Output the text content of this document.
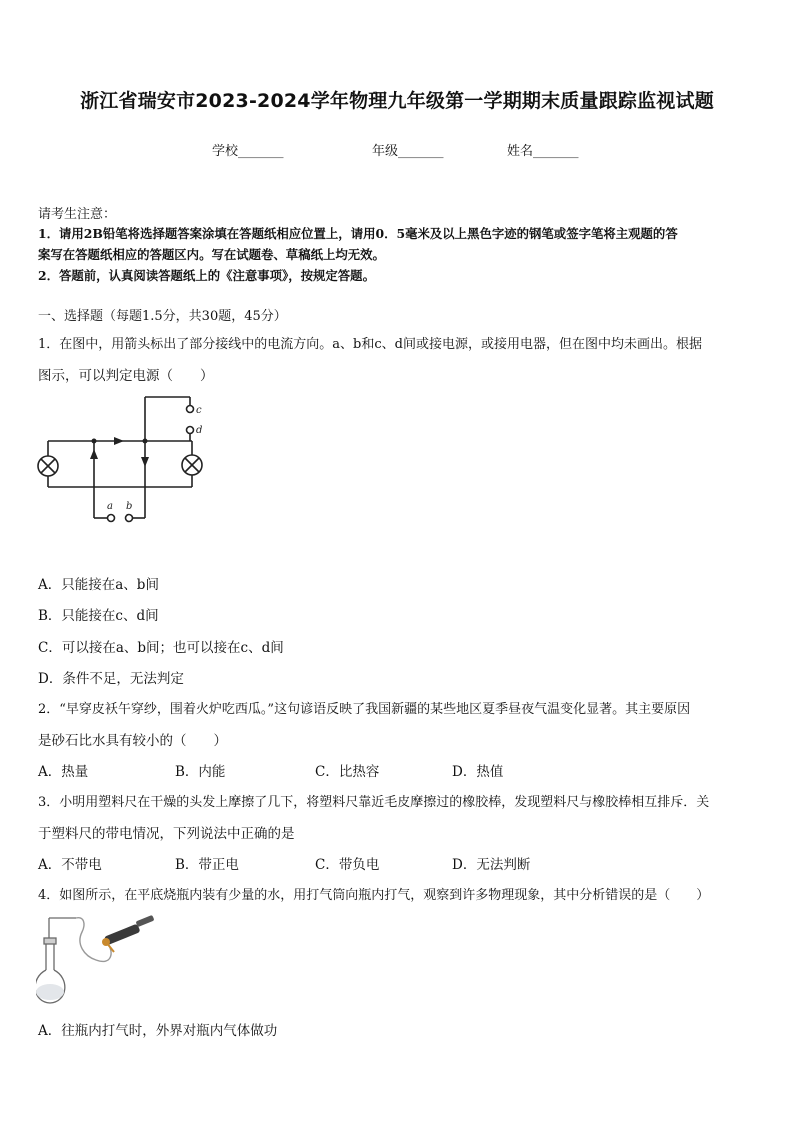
浙江省瑞安市2023-2024学年物理九年级第一学期期末质量跟踪监视试题
学校_______	年级_______	姓名_______
请考生注意：
1．请用2B铅笔将选择题答案涂填在答题纸相应位置上，请用0．5毫米及以上黑色字迹的钢笔或签字笔将主观题的答
案写在答题纸相应的答题区内。写在试题卷、草稿纸上均无效。
2．答题前，认真阅读答题纸上的《注意事项》，按规定答题。
一、选择题（每题1.5分，共30题，45分）
1．在图中，用箭头标出了部分接线中的电流方向。a、b和c、d间或接电源，或接用电器，但在图中均未画出。根据
图示，可以判定电源（　　）
c
d
a b
A．只能接在a、b间
B．只能接在c、d间
C．可以接在a、b间；也可以接在c、d间
D．条件不足，无法判定
2．“早穿皮袄午穿纱，围着火炉吃西瓜。”这句谚语反映了我国新疆的某些地区夏季昼夜气温变化显著。其主要原因
是砂石比水具有较小的（　　）
A．热量	B．内能	C．比热容	D．热值
3．小明用塑料尺在干燥的头发上摩擦了几下，将塑料尺靠近毛皮摩擦过的橡胶棒，发现塑料尺与橡胶棒相互排斥．关
于塑料尺的带电情况，下列说法中正确的是
A．不带电	B．带正电	C．带负电	D．无法判断
4．如图所示，在平底烧瓶内装有少量的水，用打气筒向瓶内打气，观察到许多物理现象，其中分析错误的是（　　）
A．往瓶内打气时，外界对瓶内气体做功
